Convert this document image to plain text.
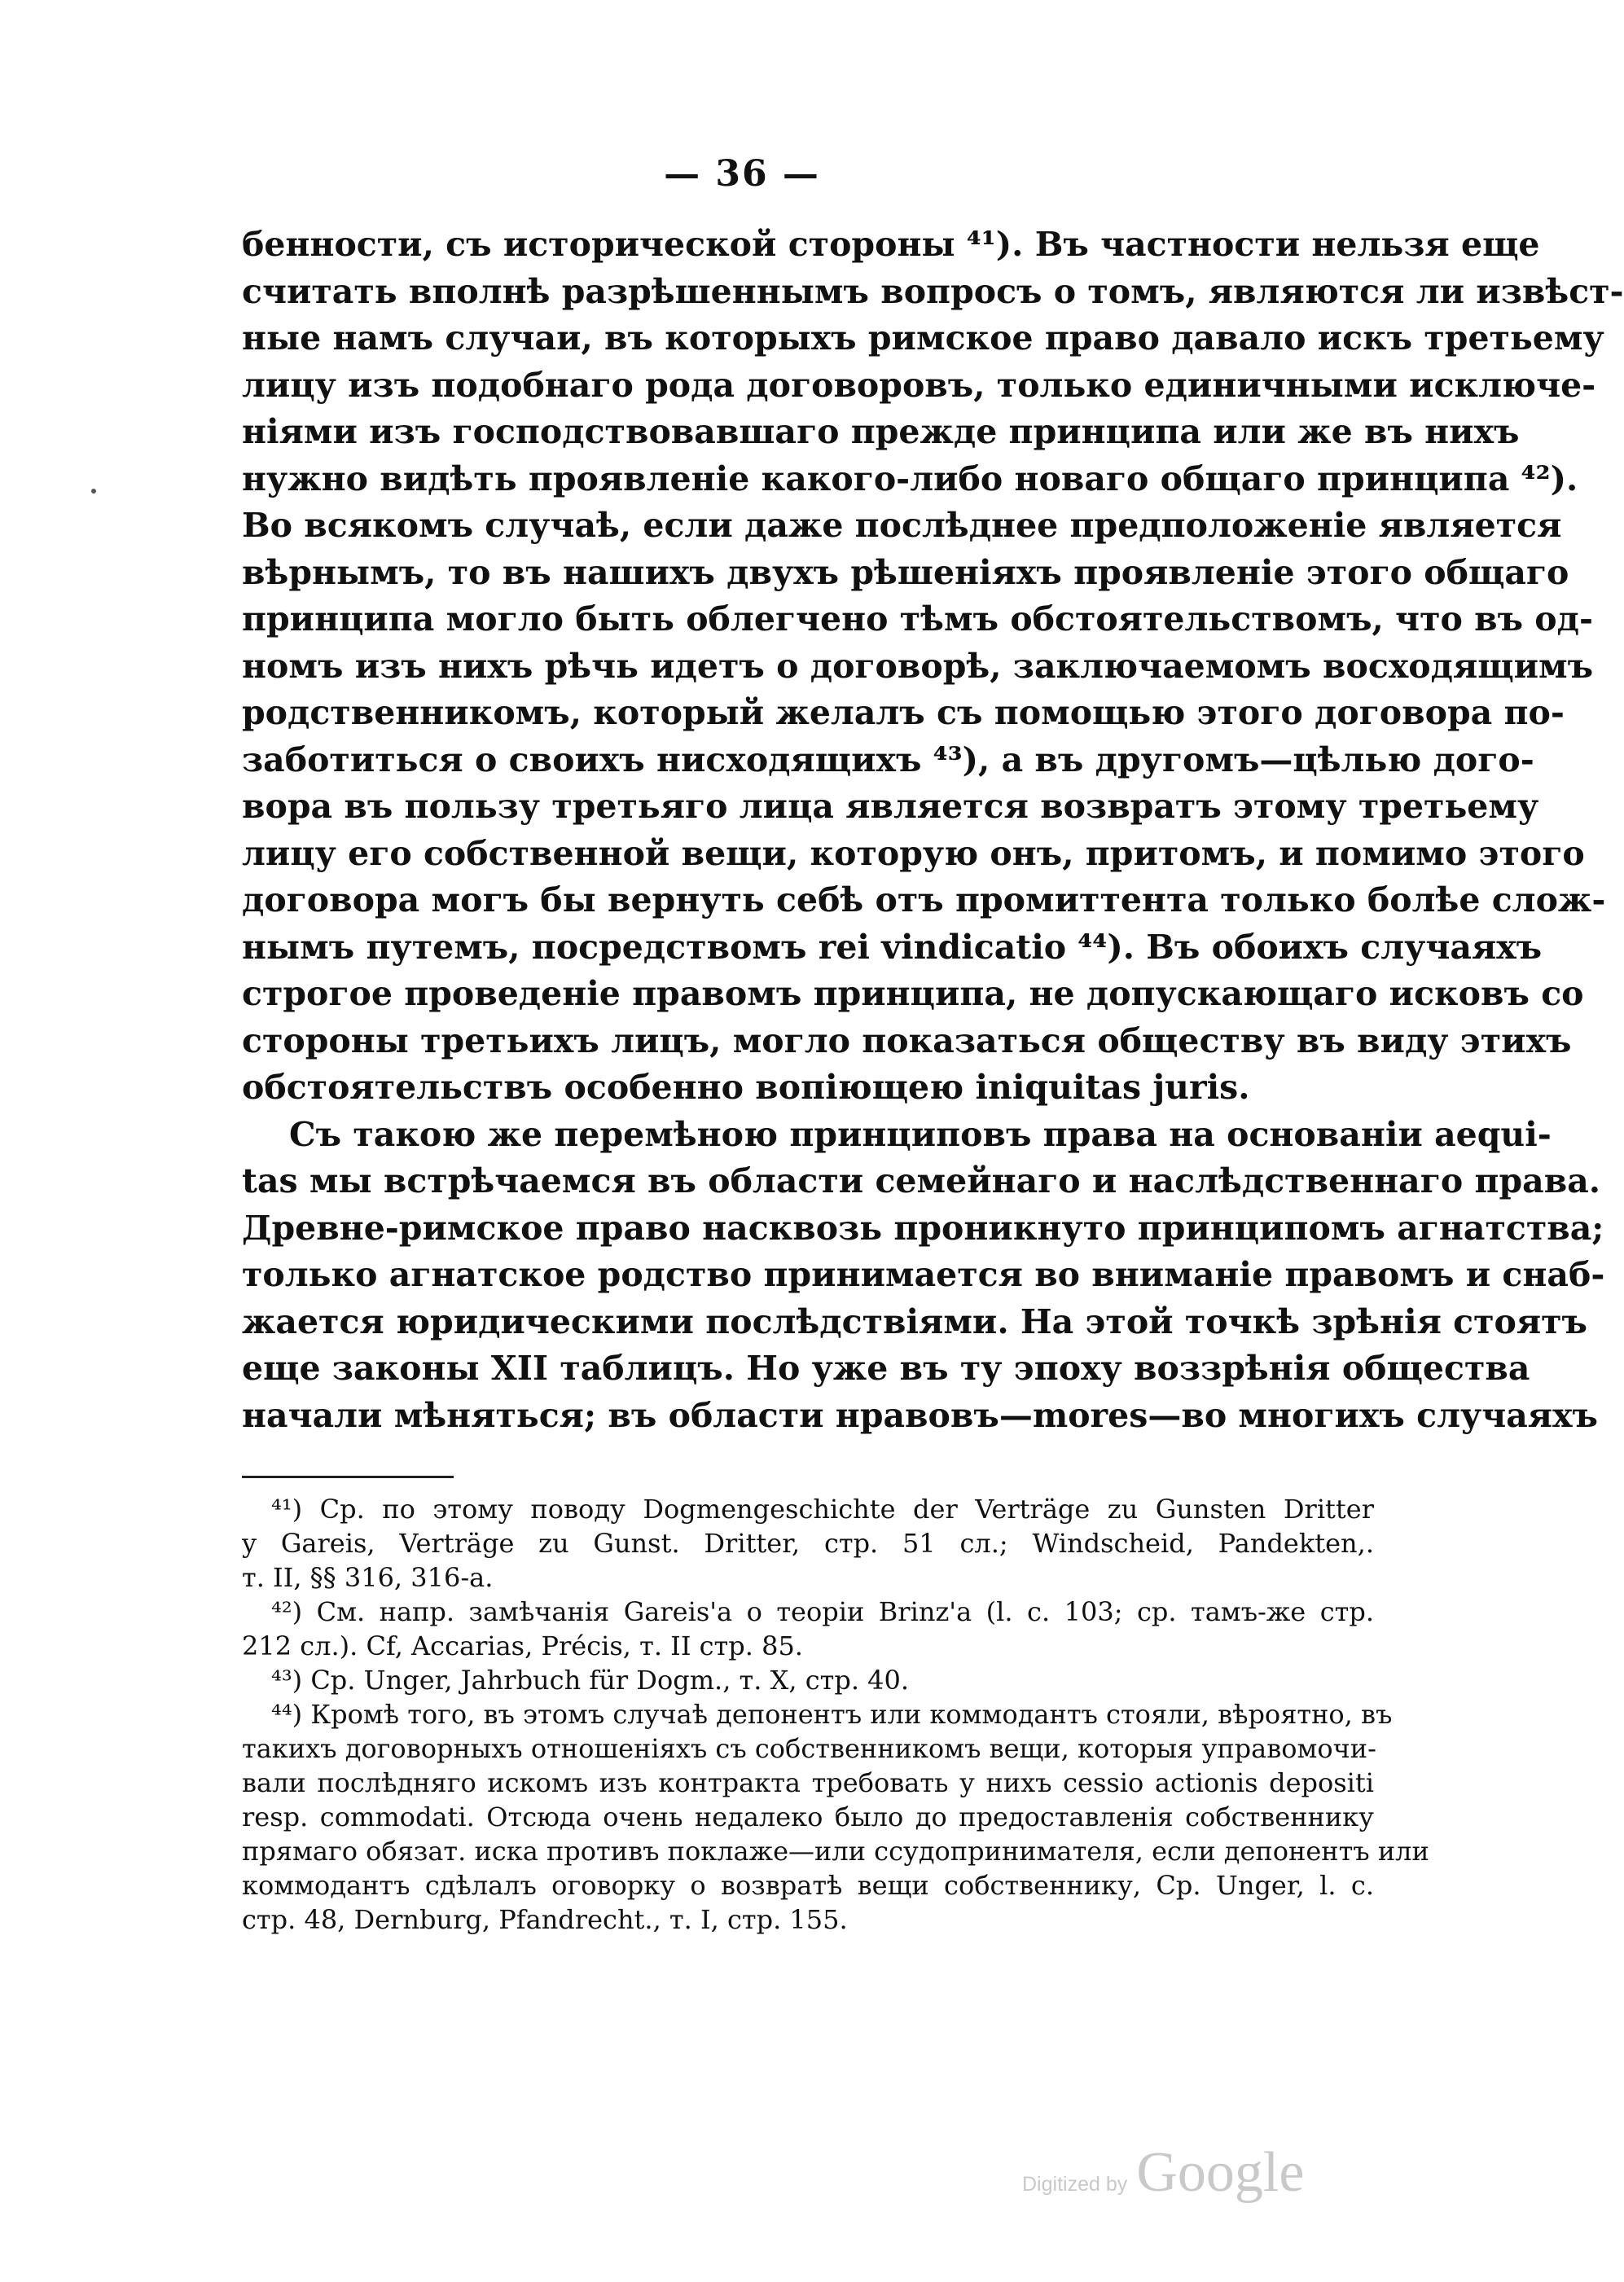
— 36 —
бенности, съ исторической стороны ⁴¹). Въ частности нельзя еще
считать вполнѣ разрѣшеннымъ вопросъ о томъ, являются ли извѣст-
ные намъ случаи, въ которыхъ римское право давало искъ третьему
лицу изъ подобнаго рода договоровъ, только единичными исключе-
ніями изъ господствовавшаго прежде принципа или же въ нихъ
нужно видѣть проявленіе какого-либо новаго общаго принципа ⁴²).
Во всякомъ случаѣ, если даже послѣднее предположеніе является
вѣрнымъ, то въ нашихъ двухъ рѣшеніяхъ проявленіе этого общаго
принципа могло быть облегчено тѣмъ обстоятельствомъ, что въ од-
номъ изъ нихъ рѣчь идетъ о договорѣ, заключаемомъ восходящимъ
родственникомъ, который желалъ съ помощью этого договора по-
заботиться о своихъ нисходящихъ ⁴³), а въ другомъ—цѣлью дого-
вора въ пользу третьяго лица является возвратъ этому третьему
лицу его собственной вещи, которую онъ, притомъ, и помимо этого
договора могъ бы вернуть себѣ отъ промиттента только болѣе слож-
нымъ путемъ, посредствомъ rei vindicatio ⁴⁴). Въ обоихъ случаяхъ
строгое проведеніе правомъ принципа, не допускающаго исковъ со
стороны третьихъ лицъ, могло показаться обществу въ виду этихъ
обстоятельствъ особенно вопіющею iniquitas juris.
Съ такою же перемѣною принциповъ права на основаніи aequi-
tas мы встрѣчаемся въ области семейнаго и наслѣдственнаго права.
Древне-римское право насквозь проникнуто принципомъ агнатства;
только агнатское родство принимается во вниманіе правомъ и снаб-
жается юридическими послѣдствіями. На этой точкѣ зрѣнія стоятъ
еще законы XII таблицъ. Но уже въ ту эпоху воззрѣнія общества
начали мѣняться; въ области нравовъ—mores—во многихъ случаяхъ
⁴¹) Cp. по этому поводу Dogmengeschichte der Verträge zu Gunsten Dritter
y Gareis, Verträge zu Gunst. Dritter, стр. 51 сл.; Windscheid, Pandekten,.
т. II, §§ 316, 316-a.
⁴²) См. напр. замѣчанія Gareis'a о теоріи Brinz'a (l. c. 103; ср. тамъ-же стр.
212 сл.). Cf, Accarias, Précis, т. II стр. 85.
⁴³) Cp. Unger, Jahrbuch für Dogm., т. X, стр. 40.
⁴⁴) Кромѣ того, въ этомъ случаѣ депонентъ или коммодантъ стояли, вѣроятно, въ
такихъ договорныхъ отношеніяхъ съ собственникомъ вещи, которыя управомочи-
вали послѣдняго искомъ изъ контракта требовать у нихъ cessio actionis depositi
resp. commodati. Отсюда очень недалеко было до предоставленія собственнику
прямаго обязат. иска противъ поклаже—или ссудопринимателя, если депонентъ или
коммодантъ сдѣлалъ оговорку о возвратѣ вещи собственнику, Cp. Unger, l. c.
стр. 48, Dernburg, Pfandrecht., т. I, стр. 155.
Digitized by Google
